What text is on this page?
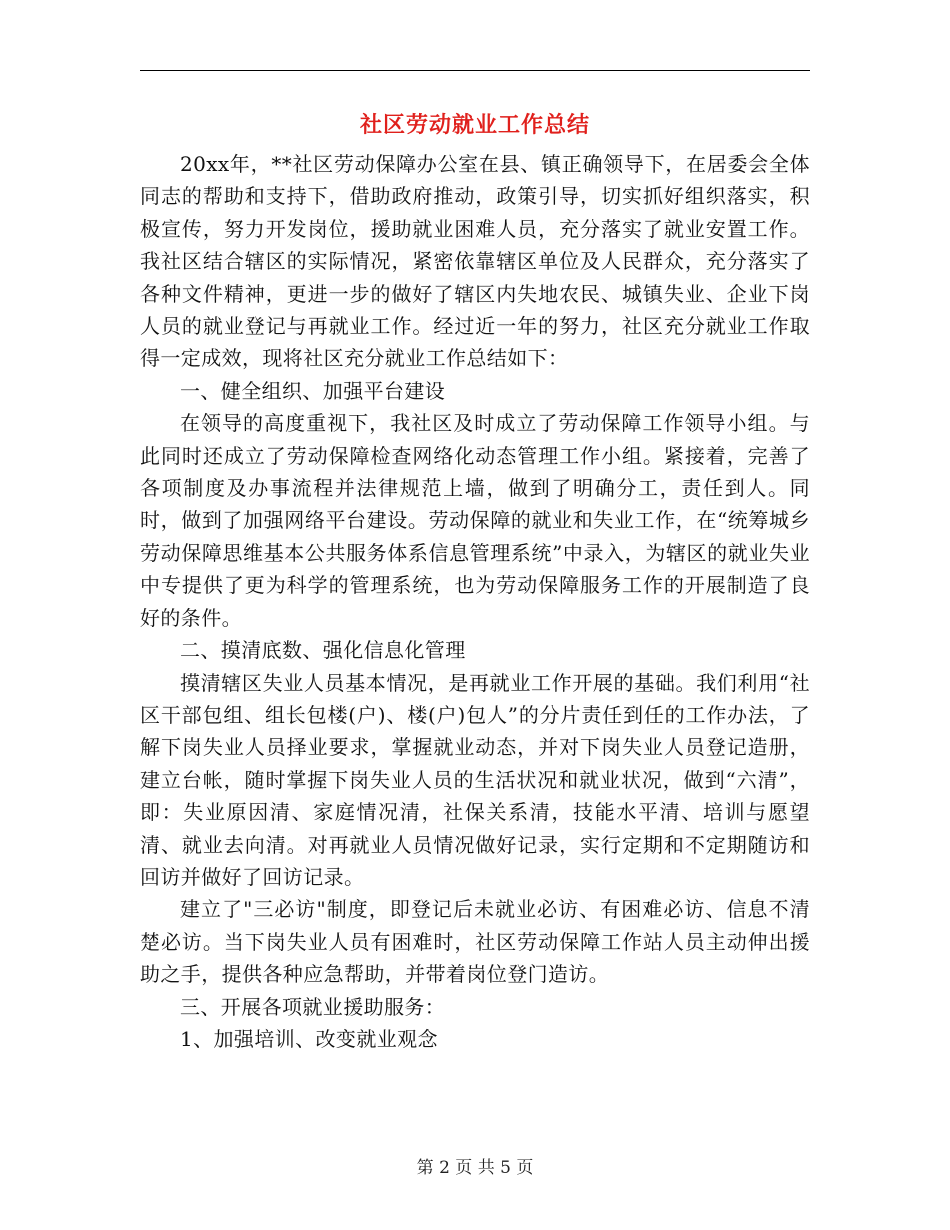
社区劳动就业工作总结

20xx年，**社区劳动保障办公室在县、镇正确领导下，在居委会全体同志的帮助和支持下，借助政府推动，政策引导，切实抓好组织落实，积极宣传，努力开发岗位，援助就业困难人员，充分落实了就业安置工作。我社区结合辖区的实际情况，紧密依靠辖区单位及人民群众，充分落实了各种文件精神，更进一步的做好了辖区内失地农民、城镇失业、企业下岗人员的就业登记与再就业工作。经过近一年的努力，社区充分就业工作取得一定成效，现将社区充分就业工作总结如下：

一、健全组织、加强平台建设

在领导的高度重视下，我社区及时成立了劳动保障工作领导小组。与此同时还成立了劳动保障检查网络化动态管理工作小组。紧接着，完善了各项制度及办事流程并法律规范上墙，做到了明确分工，责任到人。同时，做到了加强网络平台建设。劳动保障的就业和失业工作，在“统筹城乡劳动保障思维基本公共服务体系信息管理系统”中录入，为辖区的就业失业中专提供了更为科学的管理系统，也为劳动保障服务工作的开展制造了良好的条件。

二、摸清底数、强化信息化管理

摸清辖区失业人员基本情况，是再就业工作开展的基础。我们利用“社区干部包组、组长包楼(户)、楼(户)包人”的分片责任到任的工作办法，了解下岗失业人员择业要求，掌握就业动态，并对下岗失业人员登记造册，建立台帐，随时掌握下岗失业人员的生活状况和就业状况，做到“六清”，即：失业原因清、家庭情况清，社保关系清，技能水平清、培训与愿望清、就业去向清。对再就业人员情况做好记录，实行定期和不定期随访和回访并做好了回访记录。

建立了"三必访"制度，即登记后未就业必访、有困难必访、信息不清楚必访。当下岗失业人员有困难时，社区劳动保障工作站人员主动伸出援助之手，提供各种应急帮助，并带着岗位登门造访。

三、开展各项就业援助服务：

1、加强培训、改变就业观念

第 2 页 共 5 页
